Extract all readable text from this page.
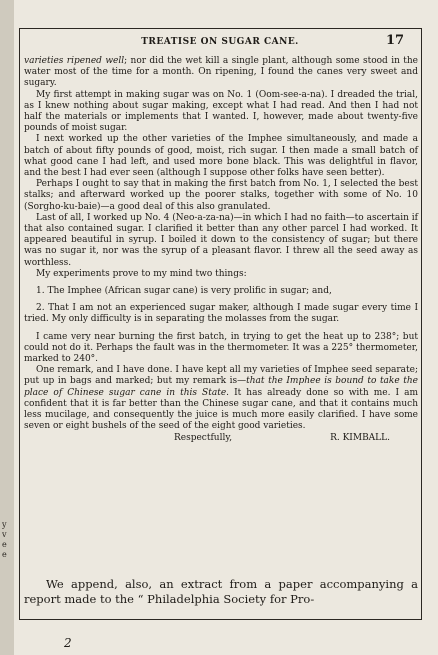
y
v
e
e
TREATISE ON SUGAR CANE.	17

varieties ripened well; nor did the wet kill a single plant, although some stood in the water most of the time for a month. On ripening, I found the canes very sweet and sugary.

My first attempt in making sugar was on No. 1 (Oom-see-a-na). I dreaded the trial, as I knew nothing about sugar making, except what I had read. And then I had not half the materials or implements that I wanted. I, however, made about twenty-five pounds of moist sugar.

I next worked up the other varieties of the Imphee simultaneously, and made a batch of about fifty pounds of good, moist, rich sugar. I then made a small batch of what good cane I had left, and used more bone black. This was delightful in flavor, and the best I had ever seen (although I suppose other folks have seen better).

Perhaps I ought to say that in making the first batch from No. 1, I selected the best stalks; and afterward worked up the poorer stalks, together with some of No. 10 (Sorgho-ku-baie)—a good deal of this also granulated.

Last of all, I worked up No. 4 (Neo-a-za-na)—in which I had no faith—to ascertain if that also contained sugar. I clarified it better than any other parcel I had worked. It appeared beautiful in syrup. I boiled it down to the consistency of sugar; but there was no sugar it, nor was the syrup of a pleasant flavor. I threw all the seed away as worthless.

My experiments prove to my mind two things:

1. The Imphee (African sugar cane) is very prolific in sugar; and,

2. That I am not an experienced sugar maker, although I made sugar every time I tried. My only difficulty is in separating the molasses from the sugar.

I came very near burning the first batch, in trying to get the heat up to 238°; but could not do it. Perhaps the fault was in the thermometer. It was a 225° thermometer, marked to 240°.

One remark, and I have done. I have kept all my varieties of Imphee seed separate; put up in bags and marked; but my remark is—that the Imphee is bound to take the place of Chinese sugar cane in this State. It has already done so with me. I am confident that it is far better than the Chinese sugar cane, and that it contains much less mucilage, and consequently the juice is much more easily clarified. I have some seven or eight bushels of the seed of the eight good varieties.

Respectfully,	R. KIMBALL.

We append, also, an extract from a paper accompanying a report made to the “ Philadelphia Society for Pro-

2
